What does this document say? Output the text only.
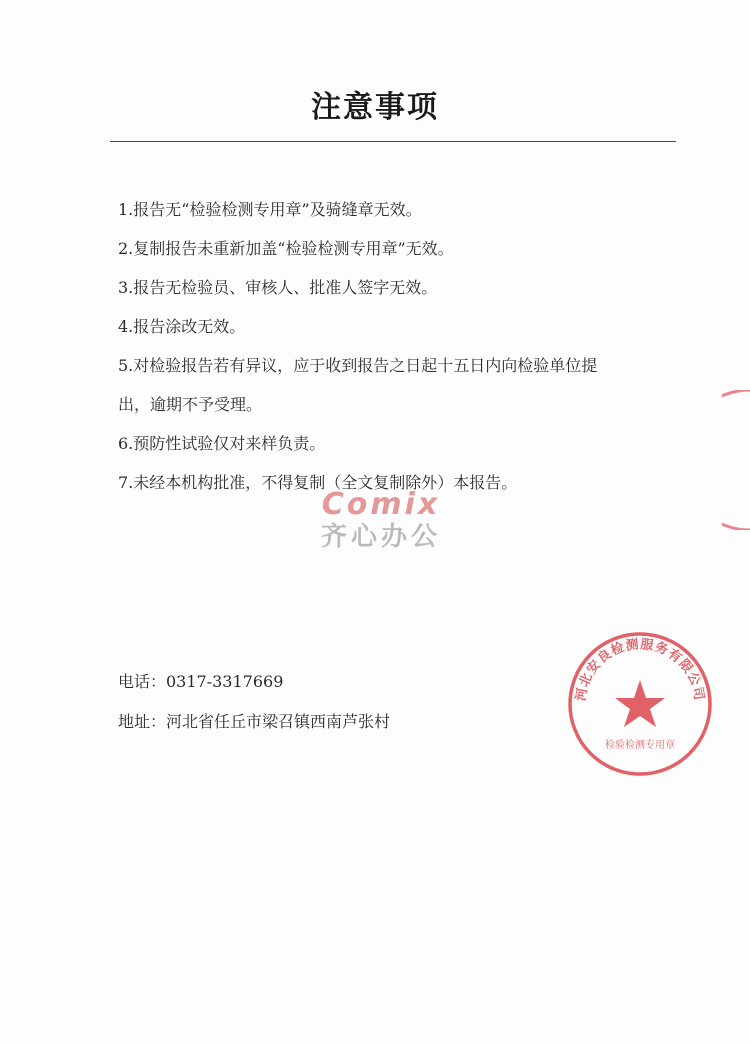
注意事项
1.报告无“检验检测专用章”及骑缝章无效。
2.复制报告未重新加盖“检验检测专用章”无效。
3.报告无检验员、审核人、批准人签字无效。
4.报告涂改无效。
5.对检验报告若有异议，应于收到报告之日起十五日内向检验单位提
出，逾期不予受理。
6.预防性试验仅对来样负责。
7.未经本机构批准，不得复制（全文复制除外）本报告。
Comix
齐心办公
电话：0317-3317669
地址：河北省任丘市梁召镇西南芦张村
河北安良检测服务有限公司
检验检测专用章
